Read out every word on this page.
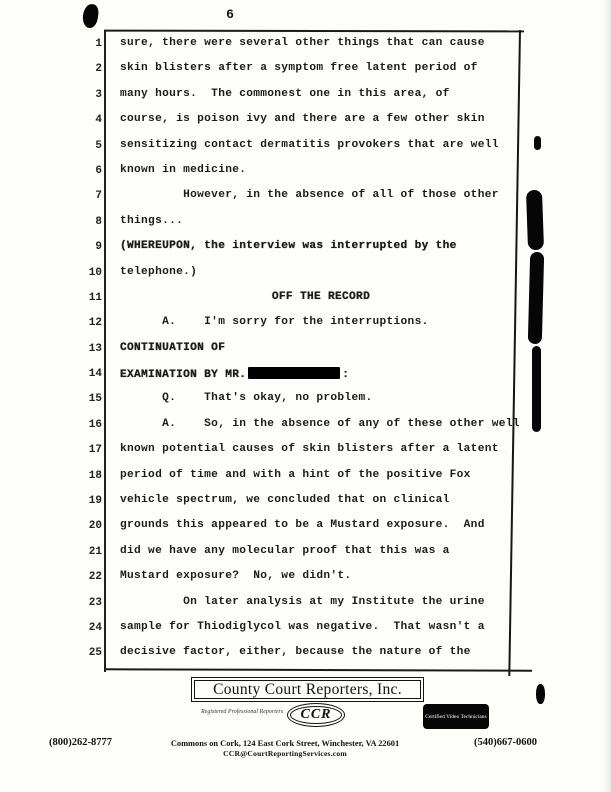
6
1 sure, there were several other things that can cause
2 skin blisters after a symptom free latent period of
3 many hours.  The commonest one in this area, of
4 course, is poison ivy and there are a few other skin
5 sensitizing contact dermatitis provokers that are well
6 known in medicine.
7 However, in the absence of all of those other
8 things...
9 (WHEREUPON, the interview was interrupted by the
10 telephone.)
11	OFF THE RECORD
12 A.    I'm sorry for the interruptions.
13 CONTINUATION OF
14 EXAMINATION BY MR.	:
15 Q.    That's okay, no problem.
16 A.    So, in the absence of any of these other well
17 known potential causes of skin blisters after a latent
18 period of time and with a hint of the positive Fox
19 vehicle spectrum, we concluded that on clinical
20 grounds this appeared to be a Mustard exposure.  And
21 did we have any molecular proof that this was a
22 Mustard exposure?  No, we didn't.
23 On later analysis at my Institute the urine
24 sample for Thiodiglycol was negative.  That wasn't a
25 decisive factor, either, because the nature of the
County Court Reporters, Inc.
Registered Professional Reporters	CCR	Certified Video Technicians
(800)262-8777	Commons on Cork, 124 East Cork Street, Winchester, VA 22601	(540)667-0600
CCR@CourtReportingServices.com
